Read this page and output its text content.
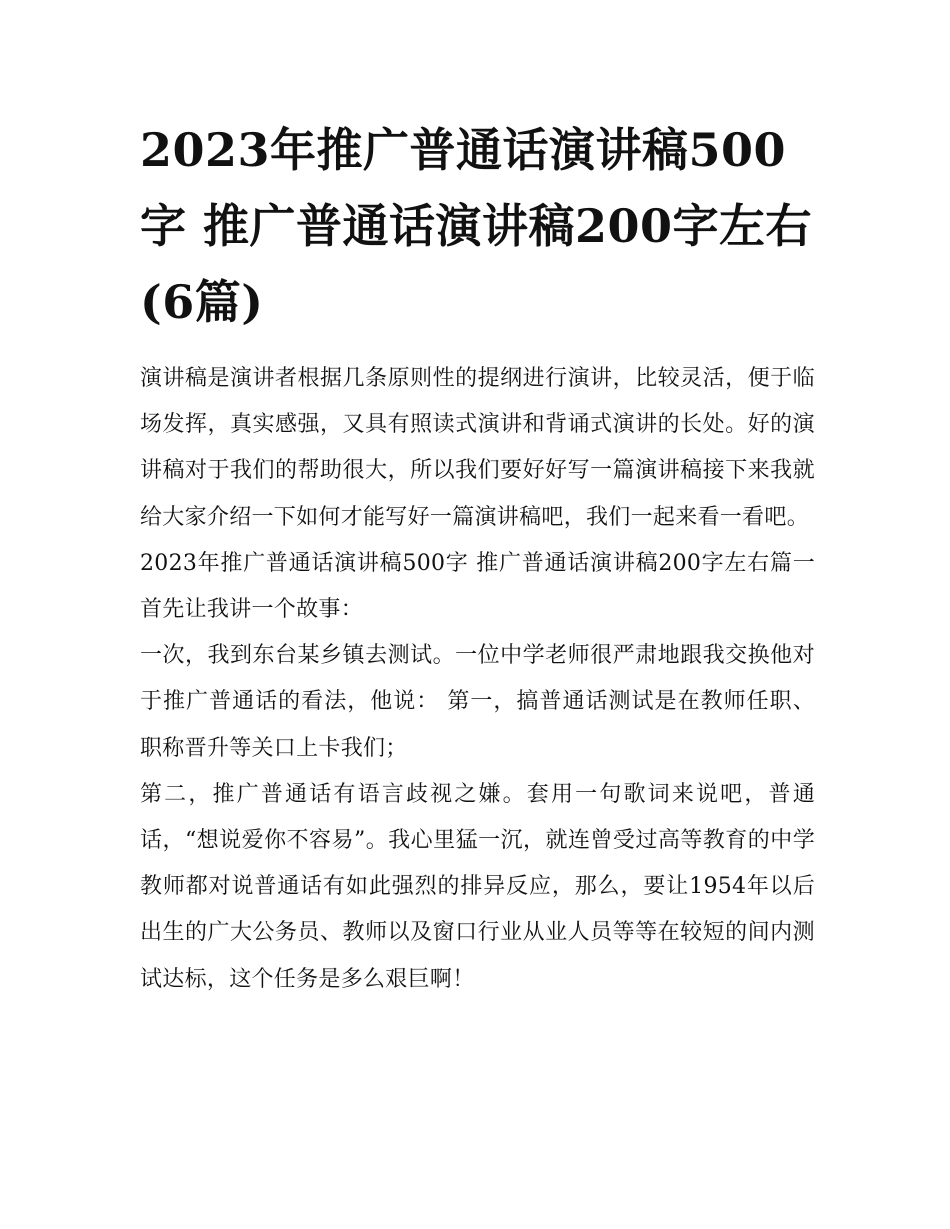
2023年推广普通话演讲稿500字 推广普通话演讲稿200字左右(6篇)

演讲稿是演讲者根据几条原则性的提纲进行演讲，比较灵活，便于临场发挥，真实感强，又具有照读式演讲和背诵式演讲的长处。好的演讲稿对于我们的帮助很大，所以我们要好好写一篇演讲稿接下来我就给大家介绍一下如何才能写好一篇演讲稿吧，我们一起来看一看吧。

2023年推广普通话演讲稿500字 推广普通话演讲稿200字左右篇一 首先让我讲一个故事：

一次，我到东台某乡镇去测试。一位中学老师很严肃地跟我交换他对于推广普通话的看法，他说： 第一，搞普通话测试是在教师任职、职称晋升等关口上卡我们；

第二，推广普通话有语言歧视之嫌。套用一句歌词来说吧，普通话，“想说爱你不容易”。我心里猛一沉，就连曾受过高等教育的中学教师都对说普通话有如此强烈的排异反应，那么，要让1954年以后出生的广大公务员、教师以及窗口行业从业人员等等在较短的间内测试达标，这个任务是多么艰巨啊！
